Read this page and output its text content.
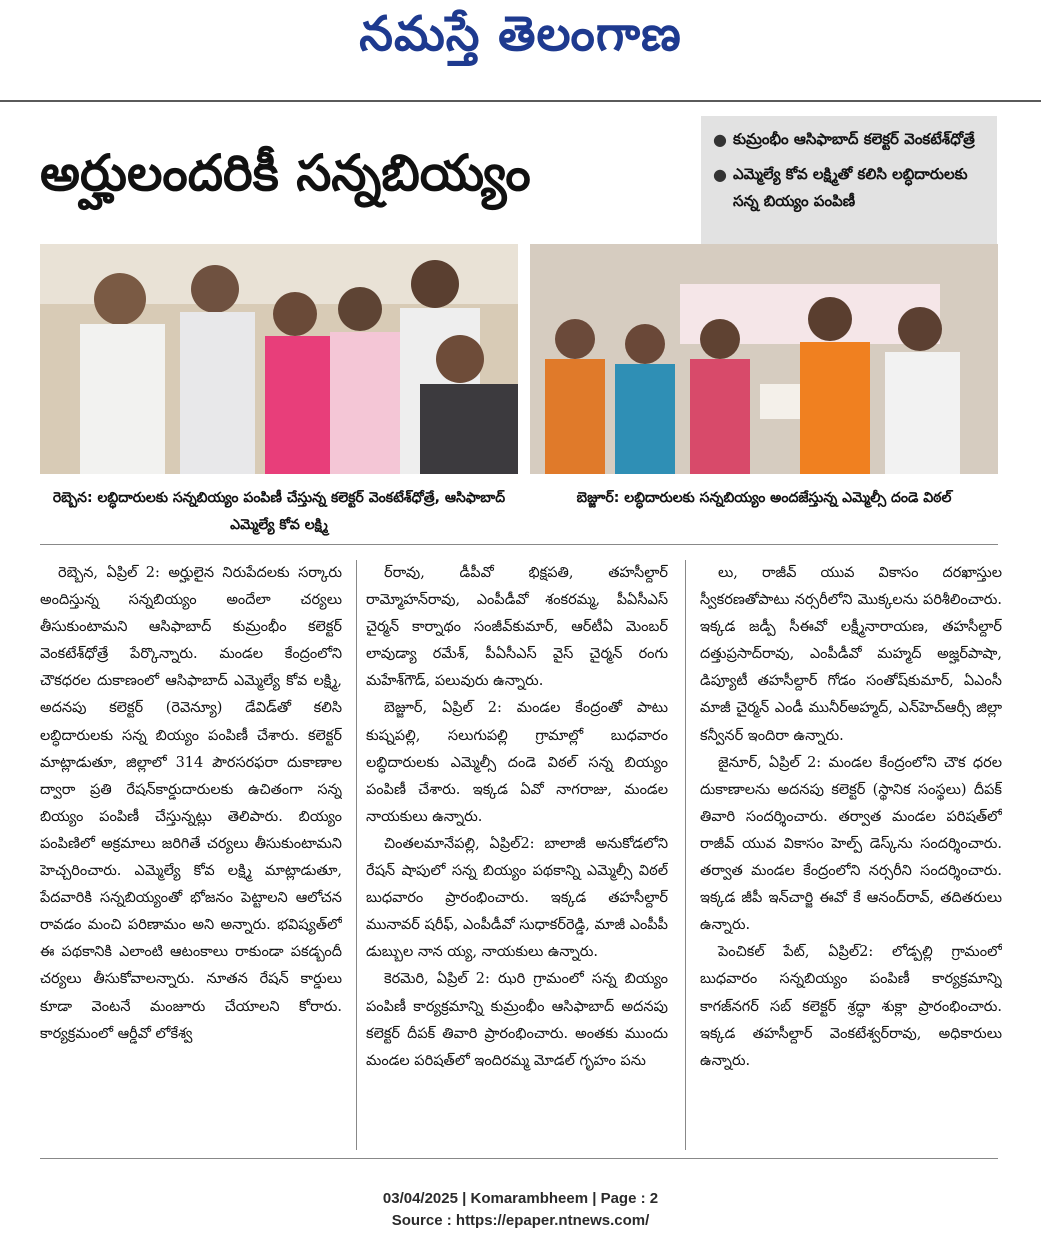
నమస్తే తెలంగాణ
అర్హులందరికీ సన్నబియ్యం
● కుమ్రంభీం ఆసిఫాబాద్ కలెక్టర్ వెంకటేశ్‌ధోత్రే
● ఎమ్మెల్యే కోవ లక్ష్మితో కలిసి లబ్ధిదారులకు సన్న బియ్యం పంపిణీ
రెబ్బెన: లబ్ధిదారులకు సన్నబియ్యం పంపిణీ చేస్తున్న కలెక్టర్ వెంకటేశ్‌ధోత్రే, ఆసిఫాబాద్ ఎమ్మెల్యే కోవ లక్ష్మి
బెజ్జూర్: లబ్ధిదారులకు సన్నబియ్యం అందజేస్తున్న ఎమ్మెల్సీ దండె విఠల్

రెబ్బెన, ఏప్రిల్ 2: అర్హులైన నిరుపేదలకు సర్కారు అందిస్తున్న సన్నబియ్యం అందేలా చర్యలు తీసుకుంటామని ఆసిఫాబాద్ కుమ్రంభీం కలెక్టర్ వెంకటేశ్‌ధోత్రే పేర్కొన్నారు. మండల కేంద్రంలోని చౌకధరల దుకాణంలో ఆసిఫాబాద్ ఎమ్మెల్యే కోవ లక్ష్మి, అదనపు కలెక్టర్ (రెవెన్యూ) డేవిడ్‌తో కలిసి లబ్ధిదారులకు సన్న బియ్యం పంపిణీ చేశారు. కలెక్టర్ మాట్లాడుతూ, జిల్లాలో 314 పౌరసరఫరా దుకాణాల ద్వారా ప్రతి రేషన్‌కార్డుదారులకు ఉచితంగా సన్న బియ్యం పంపిణీ చేస్తున్నట్లు తెలిపారు. బియ్యం పంపిణిలో అక్రమాలు జరిగితే చర్యలు తీసుకుంటామని హెచ్చరించారు. ఎమ్మెల్యే కోవ లక్ష్మి మాట్లాడుతూ, పేదవారికి సన్నబియ్యంతో భోజనం పెట్టాలని ఆలోచన రావడం మంచి పరిణామం అని అన్నారు. భవిష్యత్‌లో ఈ పథకానికి ఎలాంటి ఆటంకాలు రాకుండా పకడ్బందీ చర్యలు తీసుకోవాలన్నారు. నూతన రేషన్ కార్డులు కూడా వెంటనే మంజూరు చేయాలని కోరారు. కార్యక్రమంలో ఆర్డీవో లోకేశ్వ

ర్‌రావు, డీపీవో భిక్షపతి, తహసీల్దార్ రామ్మోహన్‌రావు, ఎంపీడీవో శంకరమ్మ, పీఏసీఎస్ చైర్మన్ కార్నాథం సంజీవ్‌కుమార్, ఆర్‌టీఏ మెంబర్ లావుడ్యా రమేశ్, పీఏసీఎస్ వైస్ చైర్మన్ రంగు మహేశ్‌గౌడ్, పలువురు ఉన్నారు.

బెజ్జూర్, ఏప్రిల్ 2: మండల కేంద్రంతో పాటు కుష్నపల్లి, సలుగుపల్లి గ్రామాల్లో బుధవారం లబ్ధిదారులకు ఎమ్మెల్సీ దండె విఠల్ సన్న బియ్యం పంపిణీ చేశారు. ఇక్కడ ఏవో నాగరాజు, మండల నాయకులు ఉన్నారు.

చింతలమానేపల్లి, ఏప్రిల్2: బాలాజీ అనుకోడలోని రేషన్ షాపులో సన్న బియ్యం పథకాన్ని ఎమ్మెల్సీ విఠల్ బుధవారం ప్రారంభించారు. ఇక్కడ తహసీల్దార్ మునావర్ షరీఫ్, ఎంపీడీవో సుధాకర్‌రెడ్డి, మాజీ ఎంపీపీ డుబ్బుల నాన య్య, నాయకులు ఉన్నారు.

కెరమెరి, ఏప్రిల్ 2: ఝరి గ్రామంలో సన్న బియ్యం పంపిణీ కార్యక్రమాన్ని కుమ్రంభీం ఆసిఫాబాద్ అదనపు కలెక్టర్ దీపక్ తివారి ప్రారంభించారు. అంతకు ముందు మండల పరిషత్‌లో ఇందిరమ్మ మోడల్ గృహం పను

లు, రాజీవ్ యువ వికాసం దరఖాస్తుల స్వీకరణతోపాటు నర్సరీలోని మొక్కలను పరిశీలించారు. ఇక్కడ జడ్పీ సీఈవో లక్ష్మీనారాయణ, తహసీల్దార్ దత్తుప్రసాద్‌రావు, ఎంపీడీవో మహ్మద్ అజ్హర్‌పాషా, డిప్యూటీ తహసీల్దార్ గోడం సంతోష్‌కుమార్, ఏఎంసీ మాజీ చైర్మన్ ఎండీ మునీర్‌అహ్మద్, ఎన్‌హెచ్‌ఆర్సీ జిల్లా కన్వీనర్ ఇందిరా ఉన్నారు.

జైనూర్, ఏప్రిల్ 2: మండల కేంద్రంలోని చౌక ధరల దుకాణాలను అదనపు కలెక్టర్ (స్థానిక సంస్థలు) దీపక్ తివారి సందర్శించారు. తర్వాత మండల పరిషత్‌లో రాజీవ్ యువ వికాసం హెల్ప్ డెస్క్‌ను సందర్శించారు. తర్వాత మండల కేంద్రంలోని నర్సరీని సందర్శించారు. ఇక్కడ జీపీ ఇన్‌చార్జి ఈవో కే ఆనంద్‌రావ్, తదితరులు ఉన్నారు.

పెంచికల్ పేట్, ఏప్రిల్2: లోడ్పల్లి గ్రామంలో బుధవారం సన్నబియ్యం పంపిణీ కార్యక్రమాన్ని కాగజ్‌నగర్ సబ్ కలెక్టర్ శ్రద్ధా శుక్లా ప్రారంభించారు. ఇక్కడ తహసీల్దార్ వెంకటేశ్వర్‌రావు, అధికారులు ఉన్నారు.

03/04/2025 | Komarambheem | Page : 2
Source : https://epaper.ntnews.com/
